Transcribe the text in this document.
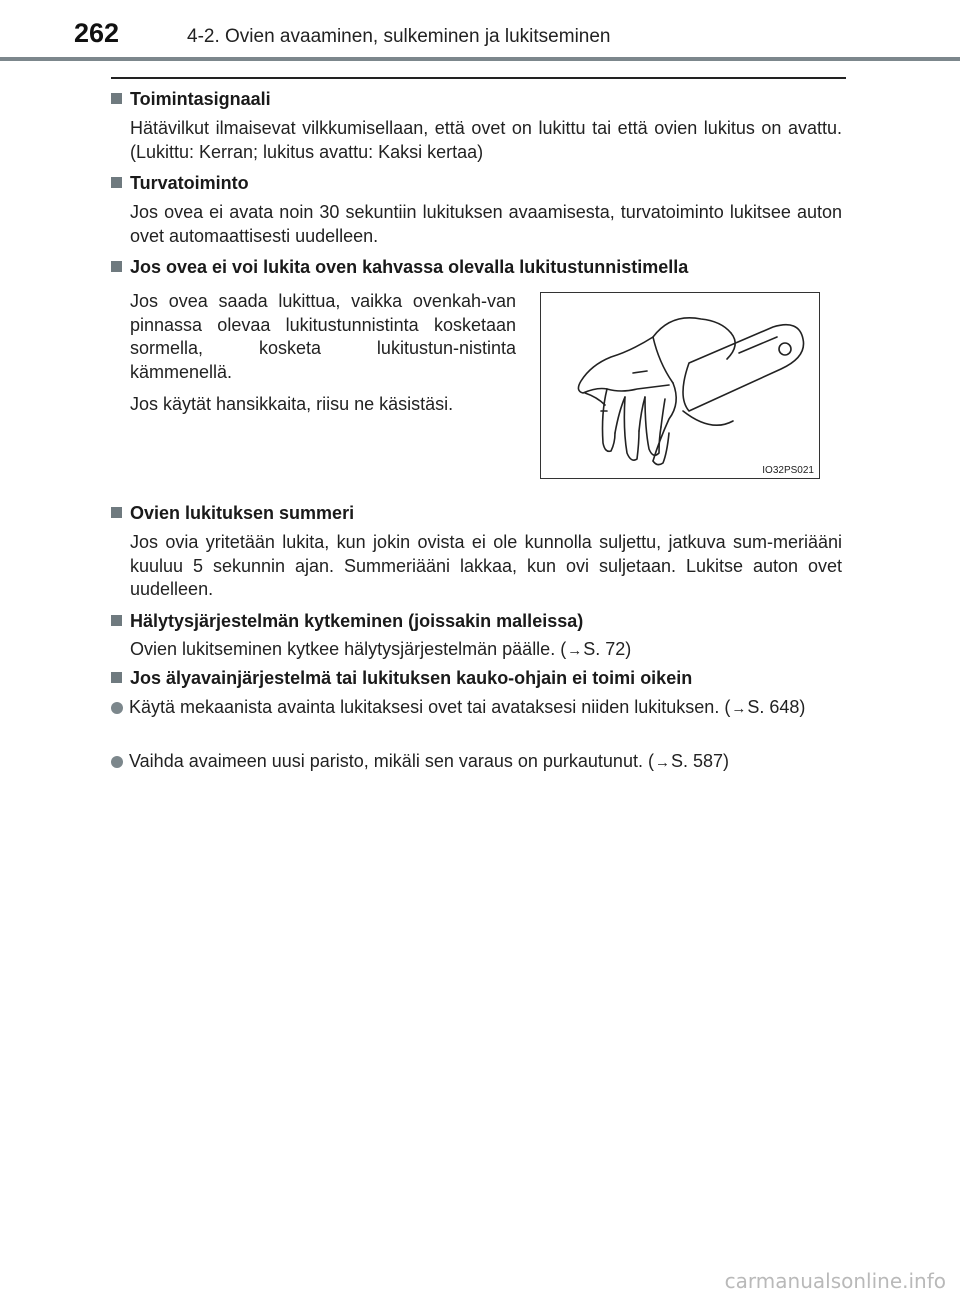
262	4-2. Ovien avaaminen, sulkeminen ja lukitseminen
Toimintasignaali
Hätävilkut ilmaisevat vilkkumisellaan, että ovet on lukittu tai että ovien lukitus on avattu. (Lukittu: Kerran; lukitus avattu: Kaksi kertaa)
Turvatoiminto
Jos ovea ei avata noin 30 sekuntiin lukituksen avaamisesta, turvatoiminto lukitsee auton ovet automaattisesti uudelleen.
Jos ovea ei voi lukita oven kahvassa olevalla lukitustunnistimella
Jos ovea saada lukittua, vaikka ovenkah-van pinnassa olevaa lukitustunnistinta kosketaan sormella, kosketa lukitustun-nistinta kämmenellä.
Jos käytät hansikkaita, riisu ne käsistäsi.
IO32PS021
Ovien lukituksen summeri
Jos ovia yritetään lukita, kun jokin ovista ei ole kunnolla suljettu, jatkuva sum-meriääni kuuluu 5 sekunnin ajan. Summeriääni lakkaa, kun ovi suljetaan. Lukitse auton ovet uudelleen.
Hälytysjärjestelmän kytkeminen (joissakin malleissa)
Ovien lukitseminen kytkee hälytysjärjestelmän päälle. (→S. 72)
Jos älyavainjärjestelmä tai lukituksen kauko-ohjain ei toimi oikein
Käytä mekaanista avainta lukitaksesi ovet tai avataksesi niiden lukituksen. (→S. 648)
Vaihda avaimeen uusi paristo, mikäli sen varaus on purkautunut. (→S. 587)
carmanualsonline.info
